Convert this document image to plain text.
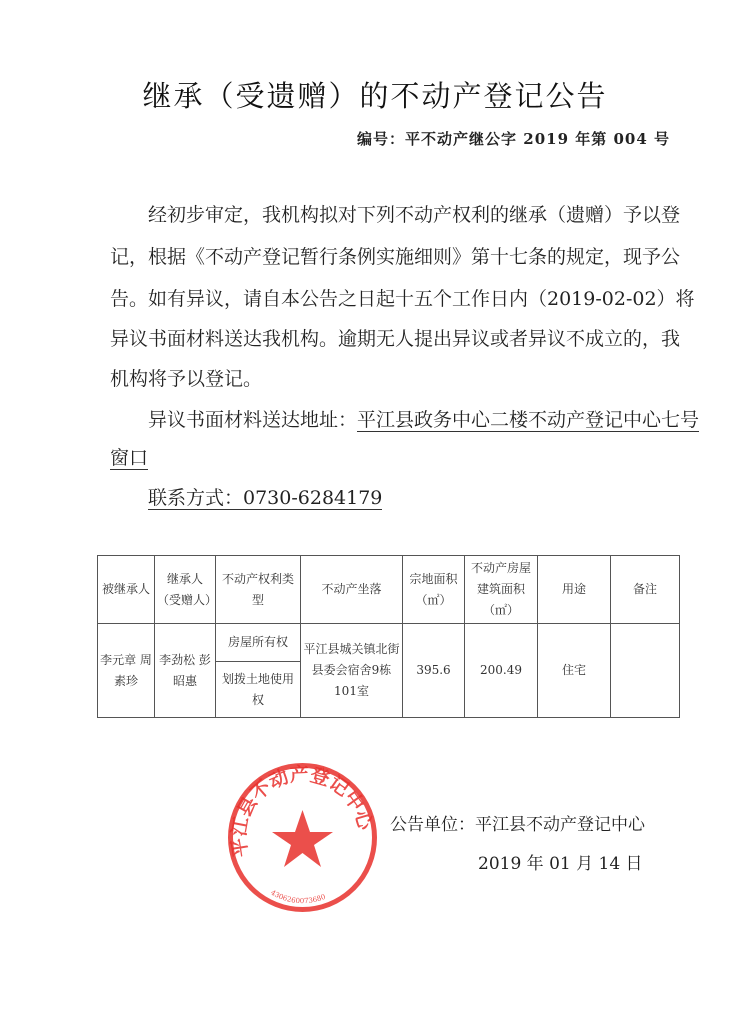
继承（受遗赠）的不动产登记公告
编号：平不动产继公字 2019 年第 004 号
经初步审定，我机构拟对下列不动产权利的继承（遗赠）予以登
记，根据《不动产登记暂行条例实施细则》第十七条的规定，现予公
告。如有异议，请自本公告之日起十五个工作日内（2019-02-02）将
异议书面材料送达我机构。逾期无人提出异议或者异议不成立的，我
机构将予以登记。
异议书面材料送达地址：平江县政务中心二楼不动产登记中心七号
窗口
联系方式：0730-6284179
被继承人	继承人（受赠人）	不动产权利类　型	不动产坐落	宗地面积（㎡）	不动产房屋建筑面积（㎡）	用途	备注
李元章 周素珍	李劲松 彭昭惠	房屋所有权	平江县城关镇北街县委会宿舍9栋101室	395.6	200.49	住宅	
		划拨土地使用权					
平江县不动产登记中心
4306260073680
公告单位：平江县不动产登记中心
2019 年 01 月 14 日
